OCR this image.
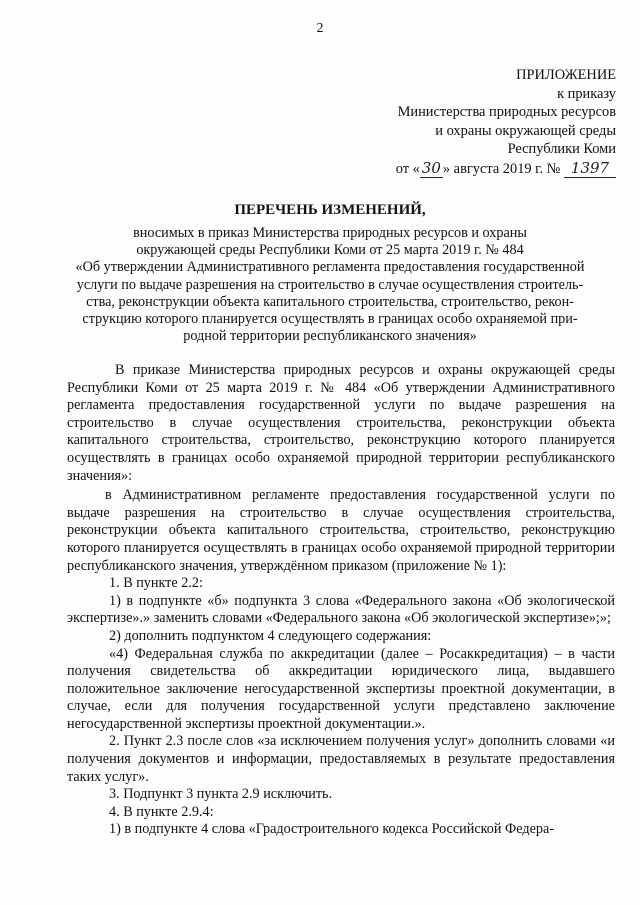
2
ПРИЛОЖЕНИЕ
к приказу
Министерства природных ресурсов
и охраны окружающей среды
Республики Коми
от « 30 » августа 2019 г. № 1397
ПЕРЕЧЕНЬ ИЗМЕНЕНИЙ,
вносимых в приказ Министерства природных ресурсов и охраны
окружающей среды Республики Коми от 25 марта 2019 г. № 484
«Об утверждении Административного регламента предоставления государственной
услуги по выдаче разрешения на строительство в случае осуществления строитель-
ства, реконструкции объекта капитального строительства, строительство, рекон-
струкцию которого планируется осуществлять в границах особо охраняемой при-
родной территории республиканского значения»

В приказе Министерства природных ресурсов и охраны окружающей среды Республики Коми от 25 марта 2019 г. № 484 «Об утверждении Административного регламента предоставления государственной услуги по выдаче разрешения на строительство в случае осуществления строительства, реконструкции объекта капитального строительства, строительство, реконструкцию которого планируется осуществлять в границах особо охраняемой природной территории республиканского значения»:

в Административном регламенте предоставления государственной услуги по выдаче разрешения на строительство в случае осуществления строительства, реконструкции объекта капитального строительства, строительство, реконструкцию которого планируется осуществлять в границах особо охраняемой природной территории республиканского значения, утверждённом приказом (приложение № 1):

1. В пункте 2.2:

1) в подпункте «б» подпункта 3 слова «Федерального закона «Об экологической экспертизе».» заменить словами «Федерального закона «Об экологической экспертизе»;»;

2) дополнить подпунктом 4 следующего содержания:

«4) Федеральная служба по аккредитации (далее – Росаккредитация) – в части получения свидетельства об аккредитации юридического лица, выдавшего положительное заключение негосударственной экспертизы проектной документации, в случае, если для получения государственной услуги представлено заключение негосударственной экспертизы проектной документации.».

2. Пункт 2.3 после слов «за исключением получения услуг» дополнить словами «и получения документов и информации, предоставляемых в результате предоставления таких услуг».

3. Подпункт 3 пункта 2.9 исключить.

4. В пункте 2.9.4:

1) в подпункте 4 слова «Градостроительного кодекса Российской Федера-
